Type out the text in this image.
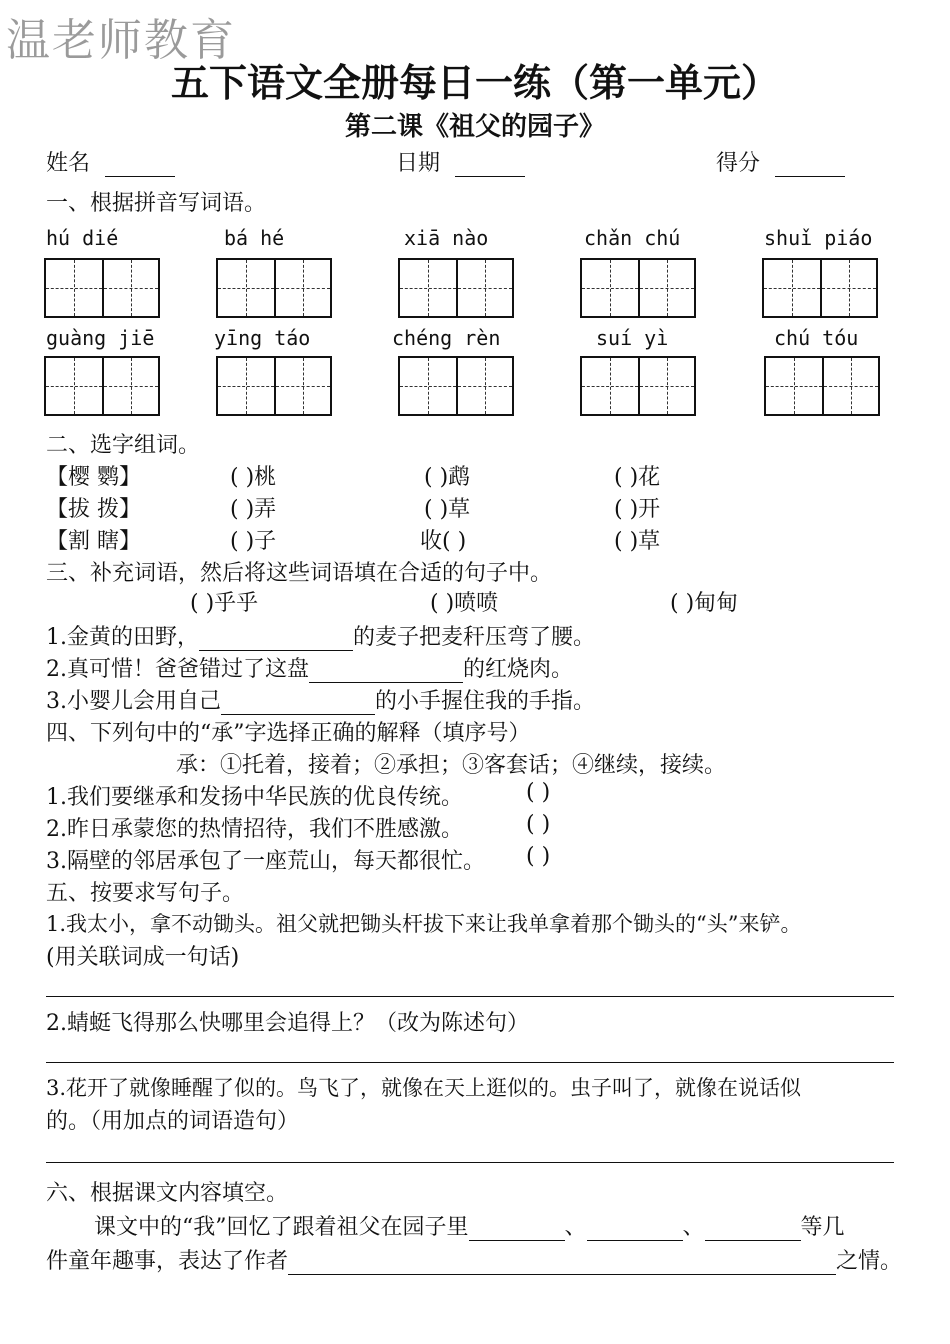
温老师教育
五下语文全册每日一练（第一单元）
第二课《祖父的园子》
姓名	日期	得分
一、根据拼音写词语。
hú dié	bá hé	xiā nào	chǎn chú	shuǐ piáo
guàng jiē	yīng táo	chéng rèn	suí yì	chú tóu
二、选字组词。
【樱 鹦】	( )桃	( )鹉	( )花
【拔 拨】	( )弄	( )草	( )开
【割 瞎】	( )子	收( )	( )草
三、补充词语，然后将这些词语填在合适的句子中。
( )乎乎	( )喷喷	( )甸甸
1.金黄的田野，	的麦子把麦秆压弯了腰。
2.真可惜！爸爸错过了这盘	的红烧肉。
3.小婴儿会用自己	的小手握住我的手指。
四、下列句中的“承”字选择正确的解释（填序号）
承：①托着，接着；②承担；③客套话；④继续，接续。
1.我们要继承和发扬中华民族的优良传统。	( )
2.昨日承蒙您的热情招待，我们不胜感激。	( )
3.隔壁的邻居承包了一座荒山，每天都很忙。 ( )
五、按要求写句子。
1.我太小，拿不动锄头。祖父就把锄头杆拔下来让我单拿着那个锄头的“头”来铲。
(用关联词成一句话)
2.蜻蜓飞得那么快哪里会追得上？（改为陈述句）
3.花开了就像睡醒了似的。鸟飞了，就像在天上逛似的。虫子叫了，就像在说话似
的。（用加点的词语造句）
六、根据课文内容填空。
课文中的“我”回忆了跟着祖父在园子里	、	、	等几
件童年趣事，表达了作者	之情。
